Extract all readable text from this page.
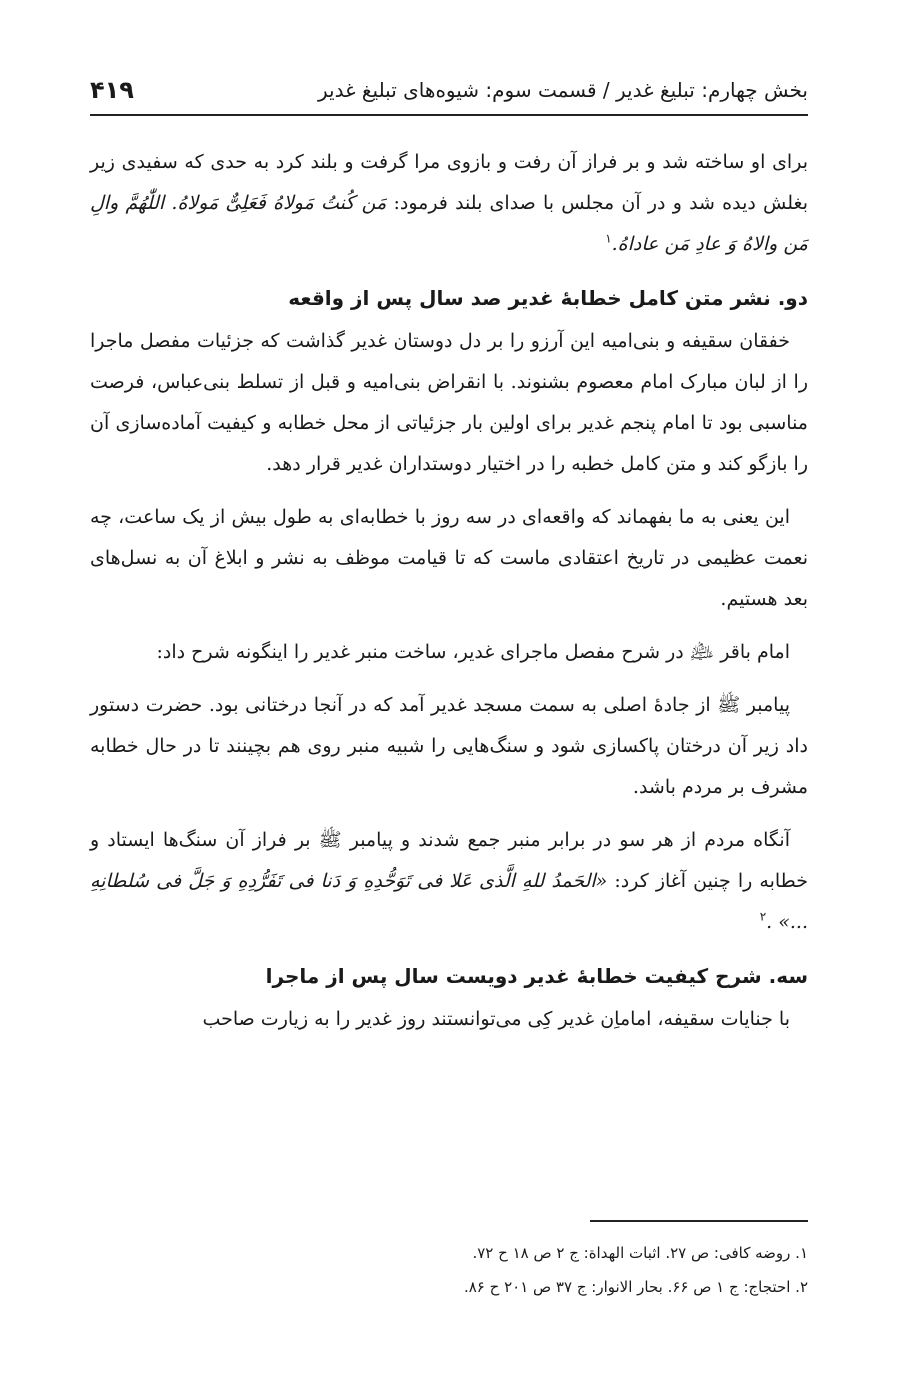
بخش چهارم: تبلیغ غدیر / قسمت سوم: شیوه‌های تبلیغ غدیر
۴۱۹

برای او ساخته شد و بر فراز آن رفت و بازوی مرا گرفت و بلند کرد به حدی که سفیدی زیر بغلش دیده شد و در آن مجلس با صدای بلند فرمود: مَن کُنتُ مَولاهُ فَعَلِیٌّ مَولاهُ. اللّٰهُمَّ والِ مَن والاهُ وَ عادِ مَن عاداهُ.$^۱$

دو. نشر متن کامل خطابهٔ غدیر صد سال پس از واقعه

خفقان سقیفه و بنی‌امیه این آرزو را بر دل دوستان غدیر گذاشت که جزئیات مفصل ماجرا را از لبان مبارک امام معصوم بشنوند. با انقراض بنی‌امیه و قبل از تسلط بنی‌عباس، فرصت مناسبی بود تا امام پنجم غدیر برای اولین بار جزئیاتی از محل خطابه و کیفیت آماده‌سازی آن را بازگو کند و متن کامل خطبه را در اختیار دوستداران غدیر قرار دهد.

این یعنی به ما بفهماند که واقعه‌ای در سه روز با خطابه‌ای به طول بیش از یک ساعت، چه نعمت عظیمی در تاریخ اعتقادی ماست که تا قیامت موظف به نشر و ابلاغ آن به نسل‌های بعد هستیم.

امام باقر ﵇ در شرح مفصل ماجرای غدیر، ساخت منبر غدیر را اینگونه شرح داد:

پیامبر ﷺ از جادهٔ اصلی به سمت مسجد غدیر آمد که در آنجا درختانی بود. حضرت دستور داد زیر آن درختان پاکسازی شود و سنگ‌هایی را شبیه منبر روی هم بچینند تا در حال خطابه مشرف بر مردم باشد.

آنگاه مردم از هر سو در برابر منبر جمع شدند و پیامبر ﷺ بر فراز آن سنگ‌ها ایستاد و خطابه را چنین آغاز کرد: «الحَمدُ للهِ الَّذی عَلا فی تَوَحُّدِهِ وَ دَنا فی تَفَرُّدِهِ وَ جَلَّ فی سُلطانِهِ ...» .$^۲$

سه. شرح کیفیت خطابهٔ غدیر دویست سال پس از ماجرا

با جنایات سقیفه، اماماِن غدیر کِی می‌توانستند روز غدیر را به زیارت صاحب

۱. روضه کافی: ص ۲۷. اثبات الهداة: ج ۲ ص ۱۸ ح ۷۲.
۲. احتجاج: ج ۱ ص ۶۶. بحار الانوار: ج ۳۷ ص ۲۰۱ ح ۸۶.
